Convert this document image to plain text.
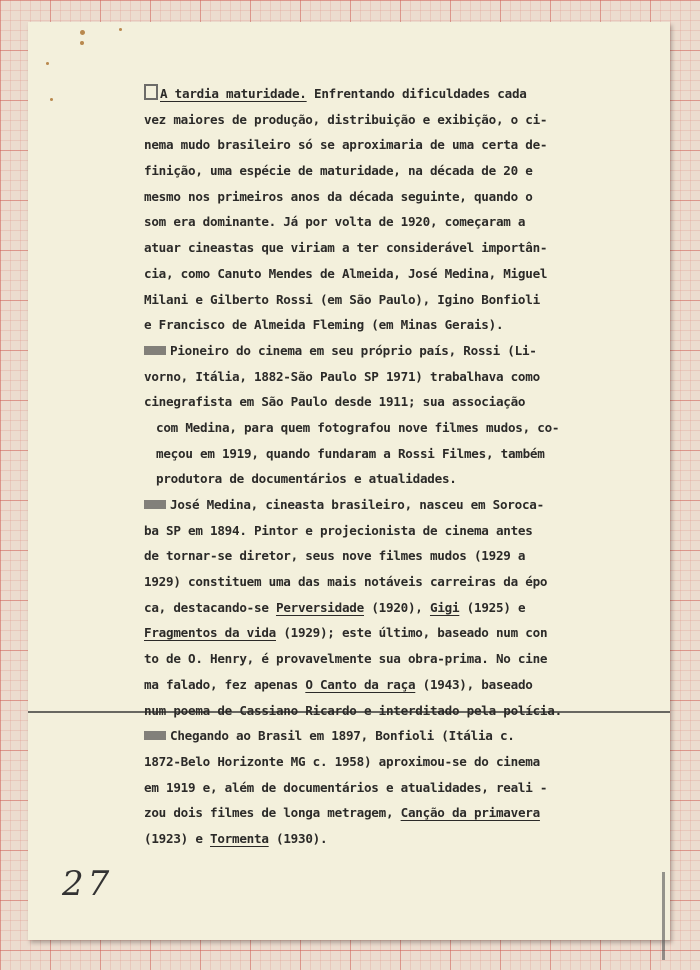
27
A tardia maturidade. Enfrentando dificuldades cada
vez maiores de produção, distribuição e exibição, o ci-
nema mudo brasileiro só se aproximaria de uma certa de-
finição, uma espécie de maturidade, na década de 20 e
mesmo nos primeiros anos da década seguinte, quando o
som era dominante. Já por volta de 1920, começaram a
atuar cineastas que viriam a ter considerável importân-
cia, como Canuto Mendes de Almeida, José Medina, Miguel
Milani e Gilberto Rossi (em São Paulo), Igino Bonfioli
e Francisco de Almeida Fleming (em Minas Gerais).
Pioneiro do cinema em seu próprio país, Rossi (Li-
vorno, Itália, 1882-São Paulo SP 1971) trabalhava como
cinegrafista em São Paulo desde 1911; sua associação
com Medina, para quem fotografou nove filmes mudos, co-
meçou em 1919, quando fundaram a Rossi Filmes, também
produtora de documentários e atualidades.
José Medina, cineasta brasileiro, nasceu em Soroca-
ba SP em 1894. Pintor e projecionista de cinema antes
de tornar-se diretor, seus nove filmes mudos (1929 a
1929) constituem uma das mais notáveis carreiras da épo
ca, destacando-se Perversidade (1920), Gigi (1925) e
Fragmentos da vida (1929); este último, baseado num con
to de O. Henry, é provavelmente sua obra-prima. No cine
ma falado, fez apenas O Canto da raça (1943), baseado
num poema de Cassiano Ricardo e interditado pela polícia.
Chegando ao Brasil em 1897, Bonfioli (Itália c.
1872-Belo Horizonte MG c. 1958) aproximou-se do cinema
em 1919 e, além de documentários e atualidades, reali -
zou dois filmes de longa metragem, Canção da primavera
(1923) e Tormenta (1930).
